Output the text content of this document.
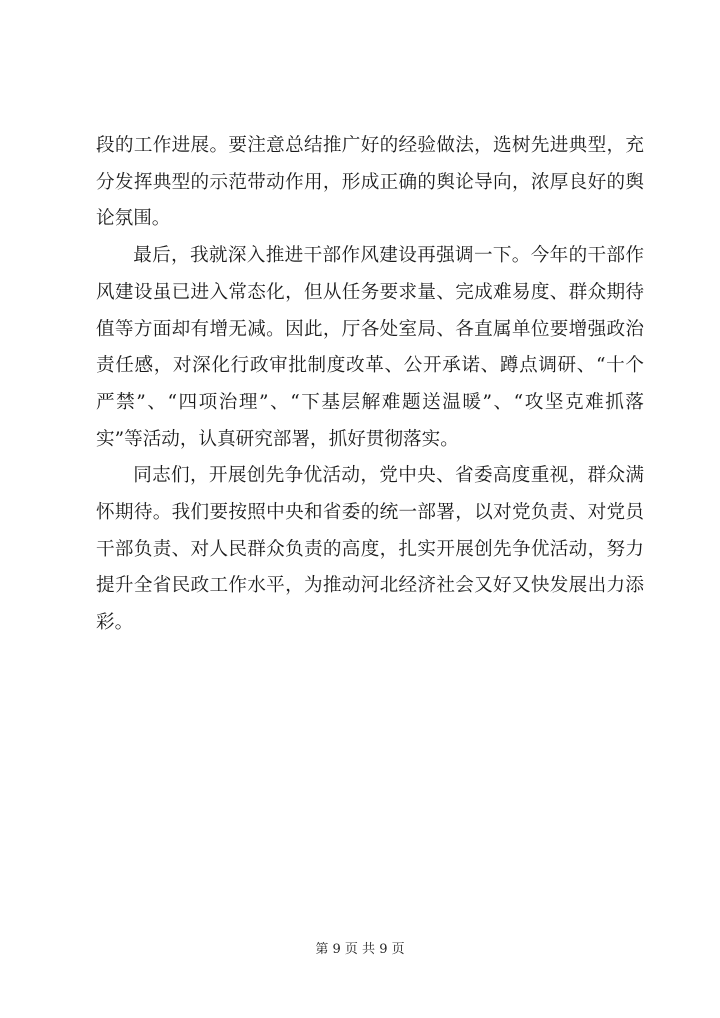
段的工作进展。要注意总结推广好的经验做法，选树先进典型，充分发挥典型的示范带动作用，形成正确的舆论导向，浓厚良好的舆论氛围。

最后，我就深入推进干部作风建设再强调一下。今年的干部作风建设虽已进入常态化，但从任务要求量、完成难易度、群众期待值等方面却有增无减。因此，厅各处室局、各直属单位要增强政治责任感，对深化行政审批制度改革、公开承诺、蹲点调研、“十个严禁”、“四项治理”、“下基层解难题送温暖”、“攻坚克难抓落实”等活动，认真研究部署，抓好贯彻落实。

同志们，开展创先争优活动，党中央、省委高度重视，群众满怀期待。我们要按照中央和省委的统一部署，以对党负责、对党员干部负责、对人民群众负责的高度，扎实开展创先争优活动，努力提升全省民政工作水平，为推动河北经济社会又好又快发展出力添彩。

第 9 页 共 9 页
